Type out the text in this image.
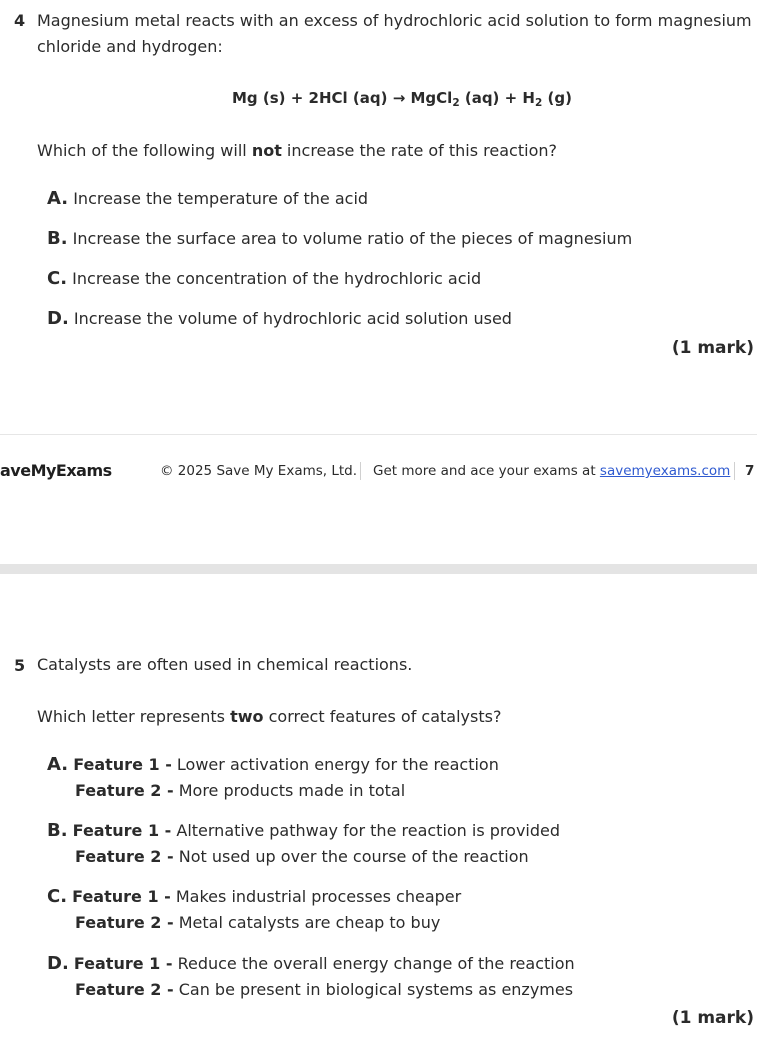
4 Magnesium metal reacts with an excess of hydrochloric acid solution to form magnesium
chloride and hydrogen:
Mg (s) + 2HCl (aq) → MgCl$_2$ $(aq) + H_2$ (g)
Which of the following will not increase the rate of this reaction?
A. Increase the temperature of the acid
B. Increase the surface area to volume ratio of the pieces of magnesium
C. Increase the concentration of the hydrochloric acid
D. Increase the volume of hydrochloric acid solution used
(1 mark)
aveMyExams	© 2025 Save My Exams, Ltd. Get more and ace your exams at savemyexams.com 7
5 Catalysts are often used in chemical reactions.
Which letter represents two correct features of catalysts?
A. Feature 1 - Lower activation energy for the reaction
Feature 2 - More products made in total
B. Feature 1 - Alternative pathway for the reaction is provided
Feature 2 - Not used up over the course of the reaction
C. Feature 1 - Makes industrial processes cheaper
Feature 2 - Metal catalysts are cheap to buy
D. Feature 1 - Reduce the overall energy change of the reaction
Feature 2 - Can be present in biological systems as enzymes
(1 mark)
